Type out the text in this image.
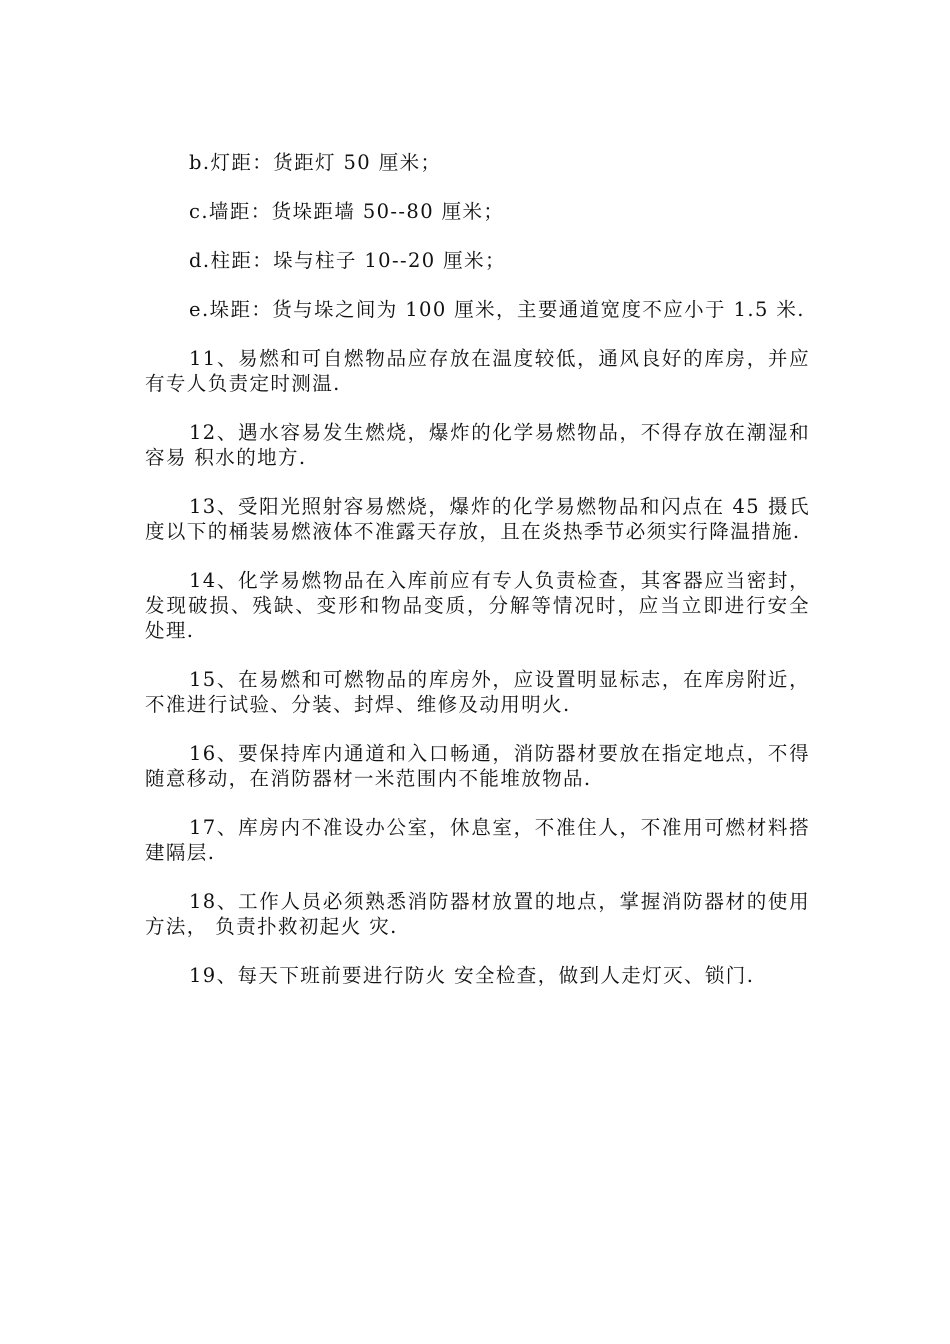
b.灯距：货距灯 50 厘米；

c.墙距：货垛距墙 50--80 厘米；

d.柱距：垛与柱子 10--20 厘米；

e.垛距：货与垛之间为 100 厘米，主要通道宽度不应小于 1.5 米.

11、易燃和可自燃物品应存放在温度较低，通风良好的库房，并应有专人负责定时测温.

12、遇水容易发生燃烧，爆炸的化学易燃物品，不得存放在潮湿和容易 积水的地方.

13、受阳光照射容易燃烧，爆炸的化学易燃物品和闪点在 45 摄氏度以下的桶装易燃液体不准露天存放，且在炎热季节必须实行降温措施.

14、化学易燃物品在入库前应有专人负责检查，其客器应当密封，发现破损、残缺、变形和物品变质，分解等情况时，应当立即进行安全处理.

15、在易燃和可燃物品的库房外，应设置明显标志，在库房附近，不准进行试验、分装、封焊、维修及动用明火.

16、要保持库内通道和入口畅通，消防器材要放在指定地点，不得随意移动，在消防器材一米范围内不能堆放物品.

17、库房内不准设办公室，休息室，不准住人，不准用可燃材料搭建隔层.

18、工作人员必须熟悉消防器材放置的地点，掌握消防器材的使用方法， 负责扑救初起火 灾.

19、每天下班前要进行防火 安全检查，做到人走灯灭、锁门.
